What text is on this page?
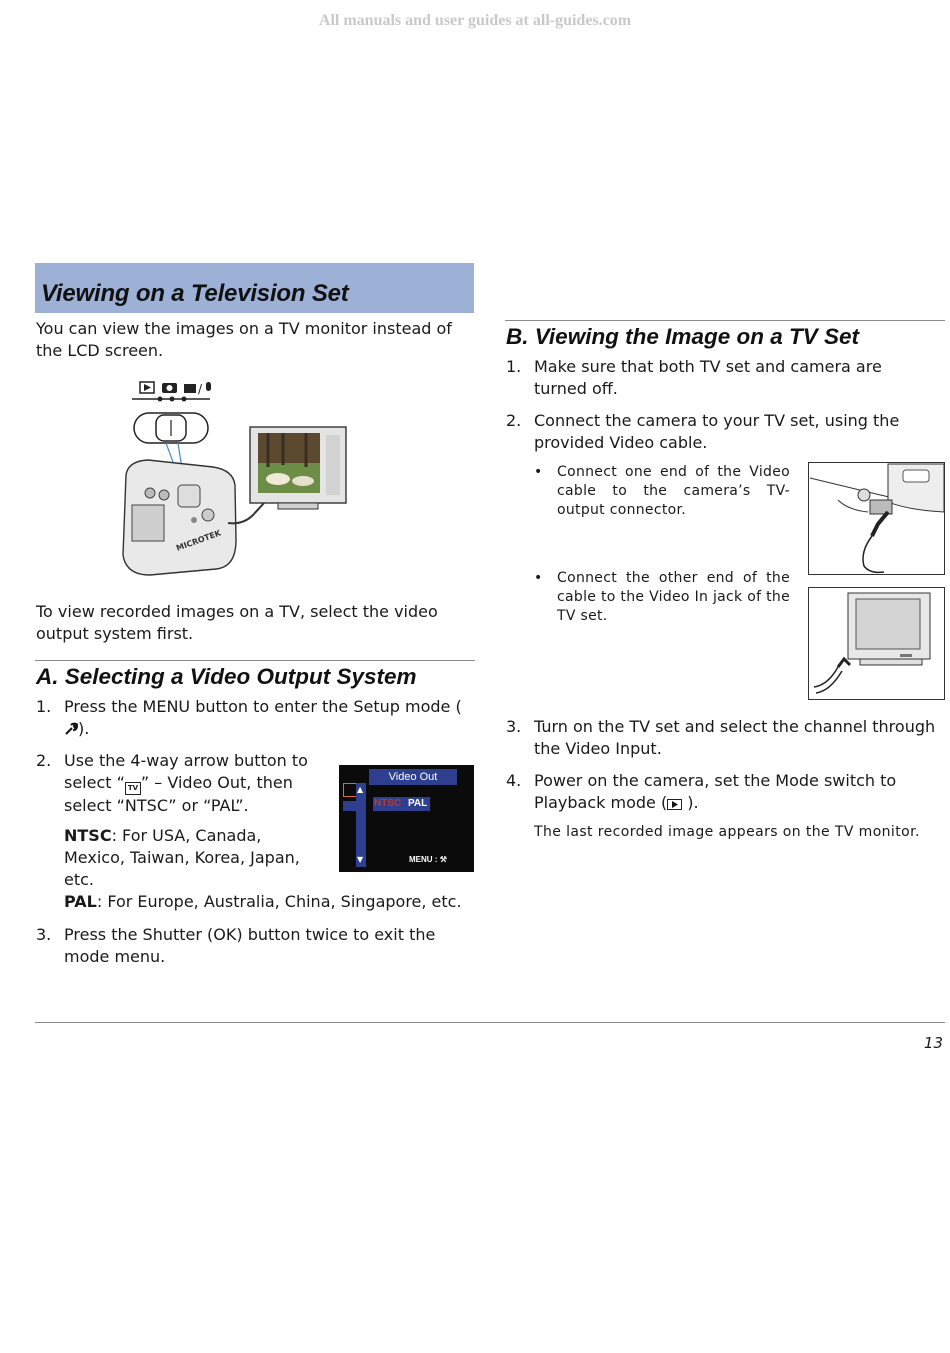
All manuals and user guides at all-guides.com
Viewing on a Television Set
You can view the images on a TV monitor instead of the LCD screen.
/
MICROTEK
To view recorded images on a TV, select the video output system first.
A. Selecting a Video Output System
1. Press the MENU button to enter the Setup mode ().
2. Use the 4-way arrow button to
select “ TV ” – Video Out, then
select “NTSC” or “PAL”.
NTSC: For USA, Canada, Mexico, Taiwan, Korea, Japan, etc.
PAL: For Europe, Australia, China, Singapore, etc.
Video Out
▲
▼
NTSC PAL
MENU : ⚒
3. Press the Shutter (OK) button twice to exit the mode menu.
B. Viewing the Image on a TV Set
1. Make sure that both TV set and camera are turned off.
2. Connect the camera to your TV set, using the provided Video cable.
•	Connect one end of the Video cable to the camera’s TV-output connector.
•	Connect the other end of the cable to the Video In jack of the TV set.
3. Turn on the TV set and select the channel through the Video Input.
4. Power on the camera, set the Mode switch to Playback mode (
).
The last recorded image appears on the TV monitor.
13
